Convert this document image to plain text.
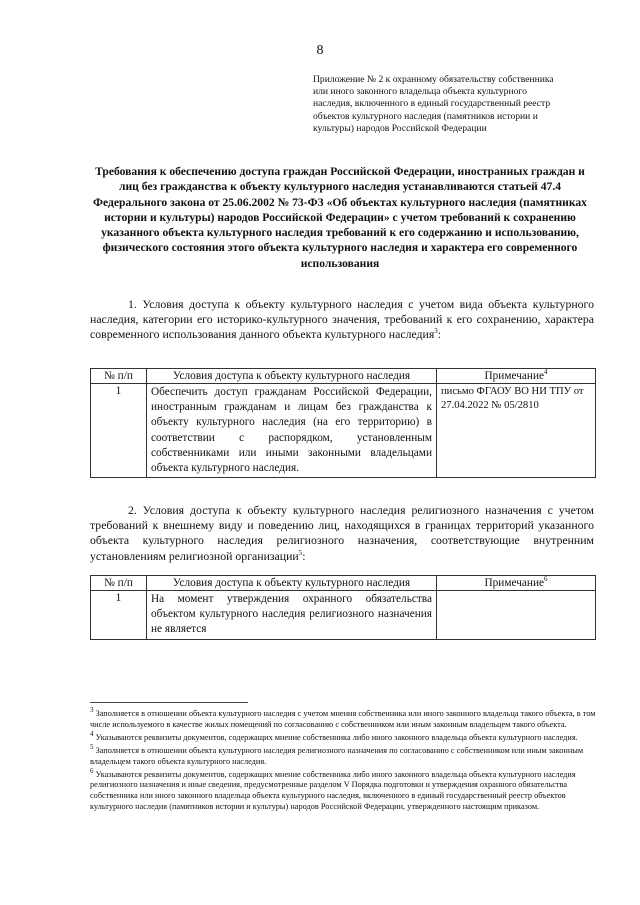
8
Приложение № 2 к охранному обязательству собственника или иного законного владельца объекта культурного наследия, включенного в единый государственный реестр объектов культурного наследия (памятников истории и культуры) народов Российской Федерации
Требования к обеспечению доступа граждан Российской Федерации, иностранных граждан и лиц без гражданства к объекту культурного наследия устанавливаются статьей 47.4 Федерального закона от 25.06.2002 № 73-ФЗ «Об объектах культурного наследия (памятниках истории и культуры) народов Российской Федерации» с учетом требований к сохранению указанного объекта культурного наследия требований к его содержанию и использованию, физического состояния этого объекта культурного наследия и характера его современного использования

1. Условия доступа к объекту культурного наследия с учетом вида объекта культурного наследия, категории его историко-культурного значения, требований к его сохранению, характера современного использования данного объекта культурного наследия$^3$:

№ п/п	Условия доступа к объекту культурного наследия	Примечание$^4$
1	Обеспечить доступ гражданам Российской Федерации, иностранным гражданам и лицам без гражданства к объекту культурного наследия (на его территорию) в соответствии с распорядком, установленным собственниками или иными законными владельцами объекта культурного наследия.	письмо ФГАОУ ВО НИ ТПУ от 27.04.2022 № 05/2810

2. Условия доступа к объекту культурного наследия религиозного назначения с учетом требований к внешнему виду и поведению лиц, находящихся в границах территорий указанного объекта культурного наследия религиозного назначения, соответствующие внутренним установлениям религиозной организации$^5$:

№ п/п	Условия доступа к объекту культурного наследия	Примечание$^6$
1	На момент утверждения охранного обязательства объектом культурного наследия религиозного назначения не является	

$^3$ Заполняется в отношении объекта культурного наследия с учетом мнения собственника или иного законного владельца такого объекта, в том числе используемого в качестве жилых помещений по согласованию с собственником или иным законным владельцем такого объекта.

$^4$ Указываются реквизиты документов, содержащих мнение собственника либо иного законного владельца объекта культурного наследия.

$^5$ Заполняется в отношении объекта культурного наследия религиозного назначения по согласованию с собственником или иным законным владельцем такого объекта культурного наследия.

$^6$ Указываются реквизиты документов, содержащих мнение собственника либо иного законного владельца объекта культурного наследия религиозного назначения и иные сведения, предусмотренные разделом V Порядка подготовки и утверждения охранного обязательства собственника или иного законного владельца объекта культурного наследия, включенного в единый государственный реестр объектов культурного наследия (памятников истории и культуры) народов Российской Федерации, утвержденного настоящим приказом.
